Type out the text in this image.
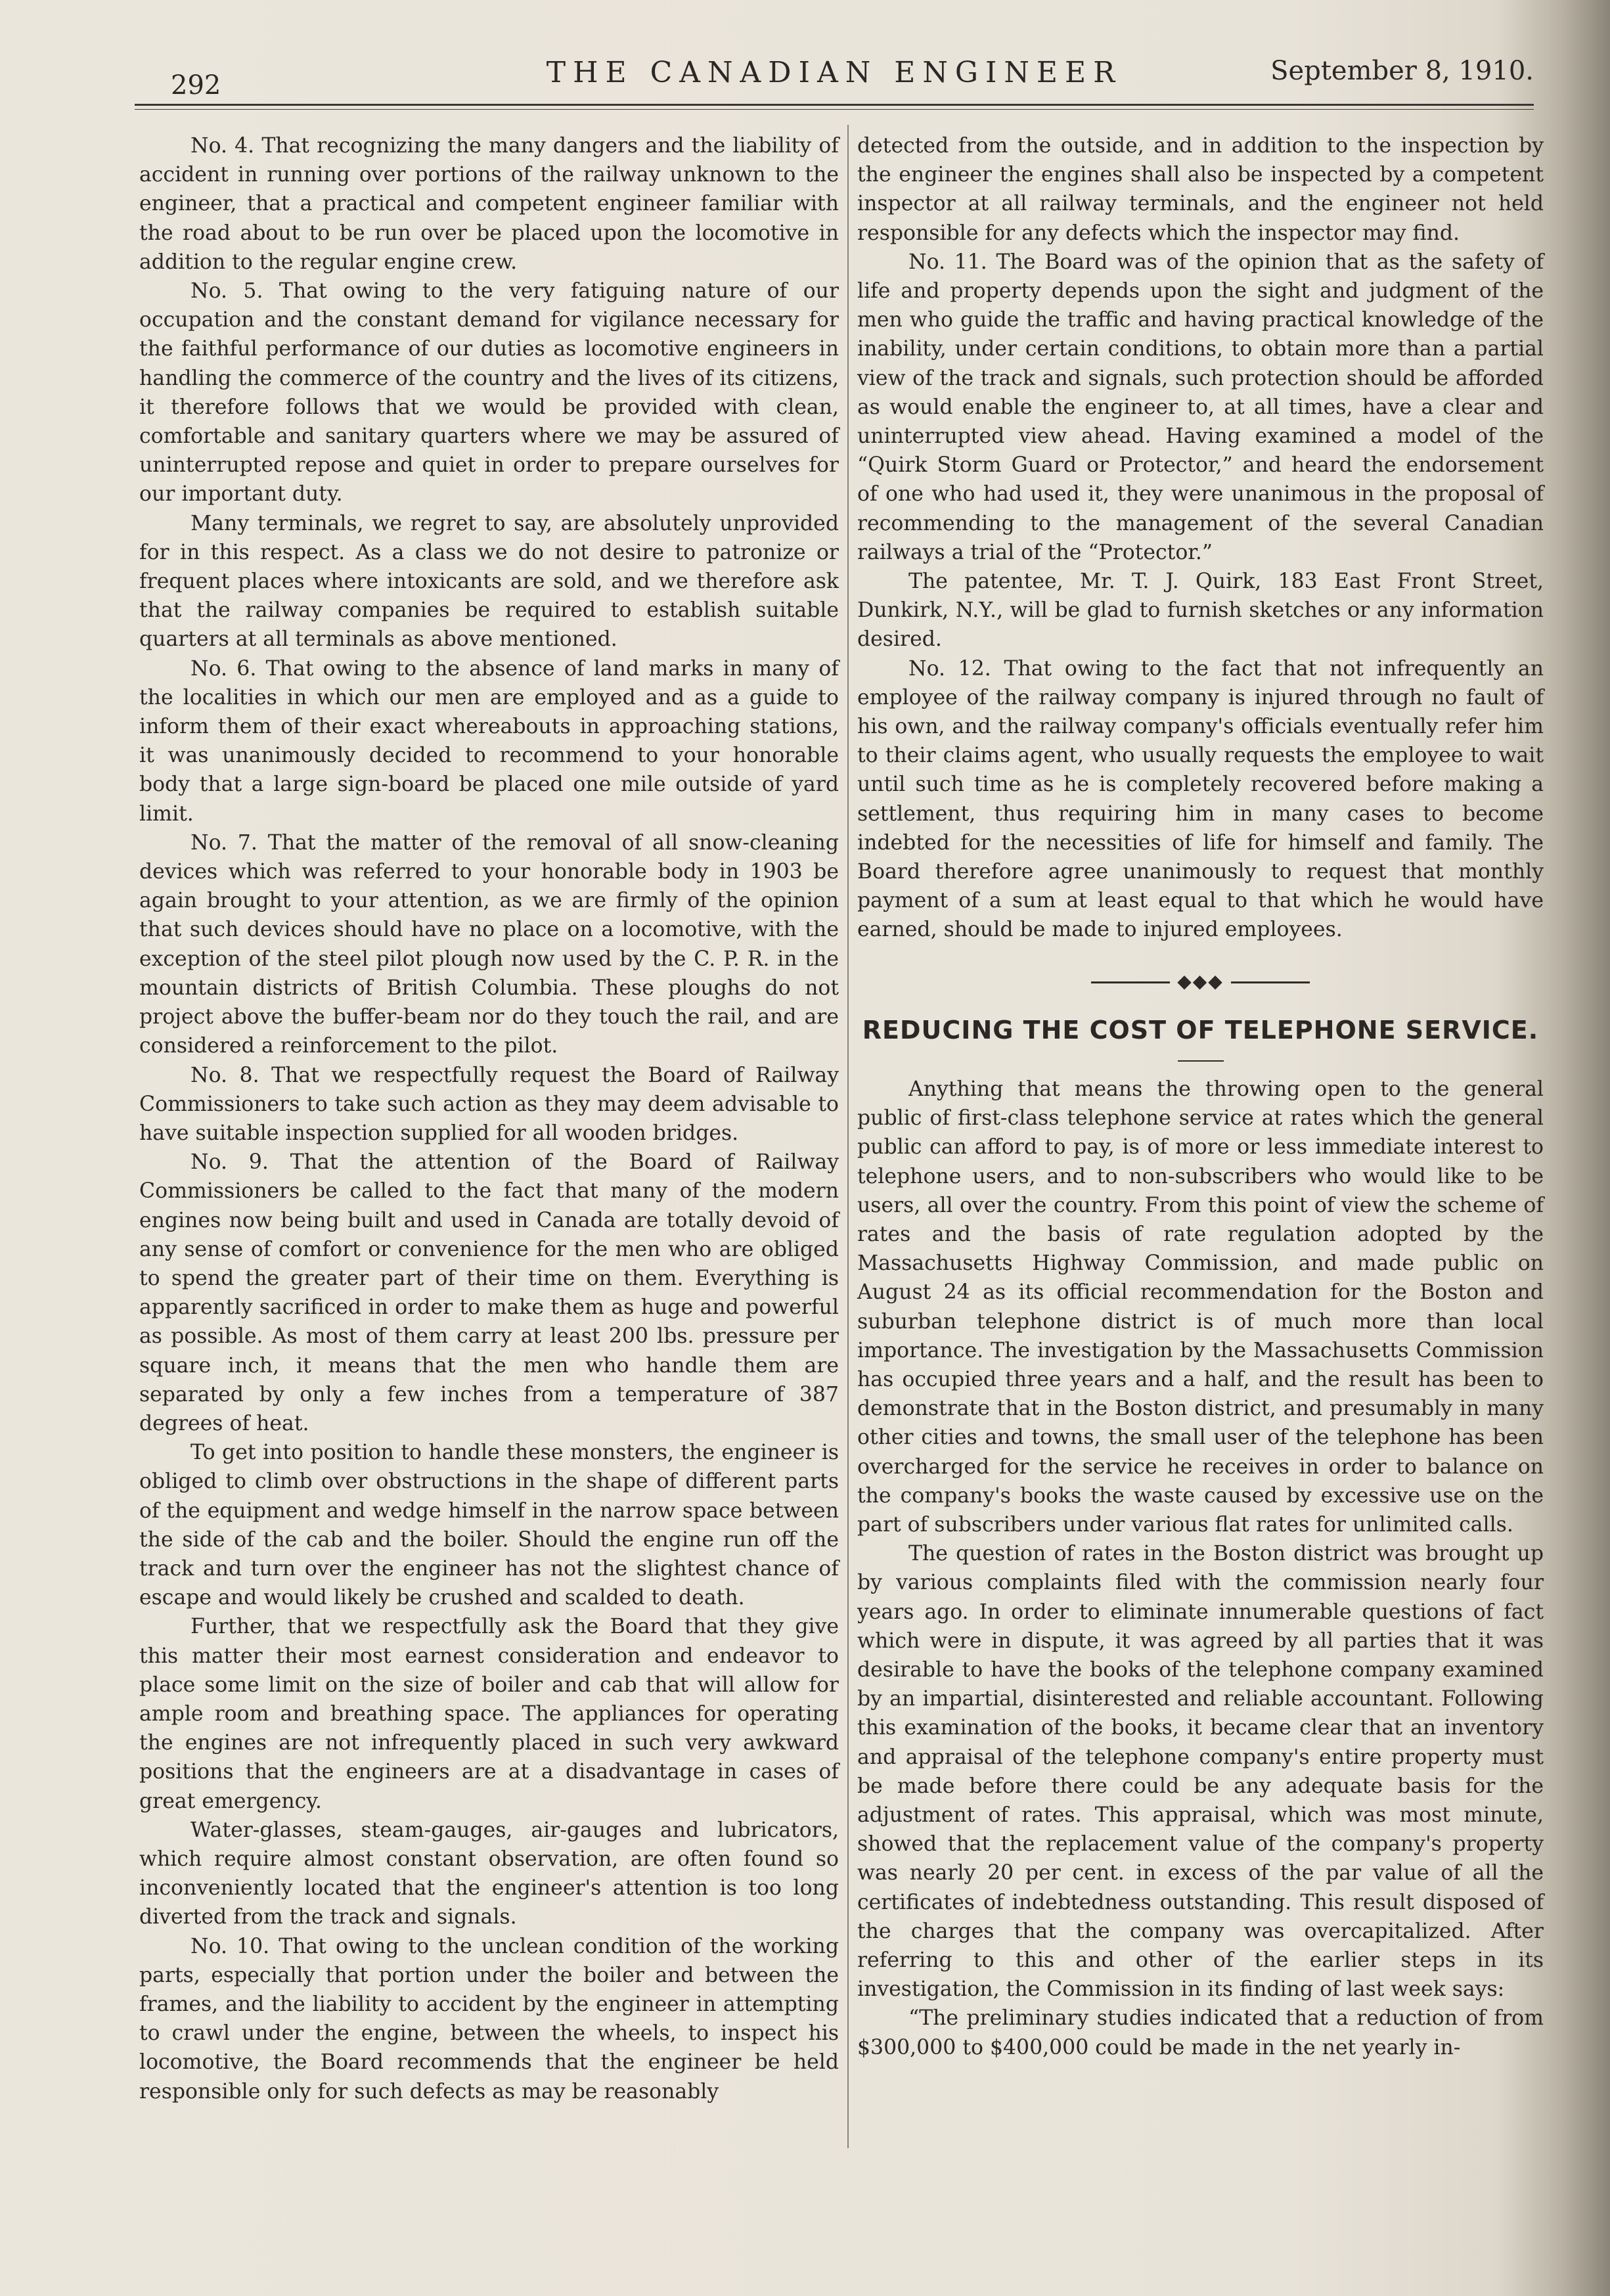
292	THE CANADIAN ENGINEER	September 8, 1910.

No. 4. That recognizing the many dangers and the liability of accident in running over portions of the railway unknown to the engineer, that a practical and competent engineer familiar with the road about to be run over be placed upon the locomotive in addition to the regular engine crew.

No. 5. That owing to the very fatiguing nature of our occupation and the constant demand for vigilance necessary for the faithful performance of our duties as locomotive engineers in handling the commerce of the country and the lives of its citizens, it therefore follows that we would be provided with clean, comfortable and sanitary quarters where we may be assured of uninterrupted repose and quiet in order to prepare ourselves for our important duty.

Many terminals, we regret to say, are absolutely unprovided for in this respect. As a class we do not desire to patronize or frequent places where intoxicants are sold, and we therefore ask that the railway companies be required to establish suitable quarters at all terminals as above mentioned.

No. 6. That owing to the absence of land marks in many of the localities in which our men are employed and as a guide to inform them of their exact whereabouts in approaching stations, it was unanimously decided to recommend to your honorable body that a large sign-board be placed one mile outside of yard limit.

No. 7. That the matter of the removal of all snow-cleaning devices which was referred to your honorable body in 1903 be again brought to your attention, as we are firmly of the opinion that such devices should have no place on a locomotive, with the exception of the steel pilot plough now used by the C. P. R. in the mountain districts of British Columbia. These ploughs do not project above the buffer-beam nor do they touch the rail, and are considered a reinforcement to the pilot.

No. 8. That we respectfully request the Board of Railway Commissioners to take such action as they may deem advisable to have suitable inspection supplied for all wooden bridges.

No. 9. That the attention of the Board of Railway Commissioners be called to the fact that many of the modern engines now being built and used in Canada are totally devoid of any sense of comfort or convenience for the men who are obliged to spend the greater part of their time on them. Everything is apparently sacrificed in order to make them as huge and powerful as possible. As most of them carry at least 200 lbs. pressure per square inch, it means that the men who handle them are separated by only a few inches from a temperature of 387 degrees of heat.

To get into position to handle these monsters, the engineer is obliged to climb over obstructions in the shape of different parts of the equipment and wedge himself in the narrow space between the side of the cab and the boiler. Should the engine run off the track and turn over the engineer has not the slightest chance of escape and would likely be crushed and scalded to death.

Further, that we respectfully ask the Board that they give this matter their most earnest consideration and endeavor to place some limit on the size of boiler and cab that will allow for ample room and breathing space. The appliances for operating the engines are not infrequently placed in such very awkward positions that the engineers are at a disadvantage in cases of great emergency.

Water-glasses, steam-gauges, air-gauges and lubricators, which require almost constant observation, are often found so inconveniently located that the engineer's attention is too long diverted from the track and signals.

No. 10. That owing to the unclean condition of the working parts, especially that portion under the boiler and between the frames, and the liability to accident by the engineer in attempting to crawl under the engine, between the wheels, to inspect his locomotive, the Board recommends that the engineer be held responsible only for such defects as may be reasonably

detected from the outside, and in addition to the inspection by the engineer the engines shall also be inspected by a competent inspector at all railway terminals, and the engineer not held responsible for any defects which the inspector may find.

No. 11. The Board was of the opinion that as the safety of life and property depends upon the sight and judgment of the men who guide the traffic and having practical knowledge of the inability, under certain conditions, to obtain more than a partial view of the track and signals, such protection should be afforded as would enable the engineer to, at all times, have a clear and uninterrupted view ahead. Having examined a model of the “Quirk Storm Guard or Protector,” and heard the endorsement of one who had used it, they were unanimous in the proposal of recommending to the management of the several Canadian railways a trial of the “Protector.”

The patentee, Mr. T. J. Quirk, 183 East Front Street, Dunkirk, N.Y., will be glad to furnish sketches or any information desired.

No. 12. That owing to the fact that not infrequently an employee of the railway company is injured through no fault of his own, and the railway company's officials eventually refer him to their claims agent, who usually requests the employee to wait until such time as he is completely recovered before making a settlement, thus requiring him in many cases to become indebted for the necessities of life for himself and family. The Board therefore agree unanimously to request that monthly payment of a sum at least equal to that which he would have earned, should be made to injured employees.

◆◆◆
REDUCING THE COST OF TELEPHONE SERVICE.

Anything that means the throwing open to the general public of first-class telephone service at rates which the general public can afford to pay, is of more or less immediate interest to telephone users, and to non-subscribers who would like to be users, all over the country. From this point of view the scheme of rates and the basis of rate regulation adopted by the Massachusetts Highway Commission, and made public on August 24 as its official recommendation for the Boston and suburban telephone district is of much more than local importance. The investigation by the Massachusetts Commission has occupied three years and a half, and the result has been to demonstrate that in the Boston district, and presumably in many other cities and towns, the small user of the telephone has been overcharged for the service he receives in order to balance on the company's books the waste caused by excessive use on the part of subscribers under various flat rates for unlimited calls.

The question of rates in the Boston district was brought up by various complaints filed with the commission nearly four years ago. In order to eliminate innumerable questions of fact which were in dispute, it was agreed by all parties that it was desirable to have the books of the telephone company examined by an impartial, disinterested and reliable accountant. Following this examination of the books, it became clear that an inventory and appraisal of the telephone company's entire property must be made before there could be any adequate basis for the adjustment of rates. This appraisal, which was most minute, showed that the replacement value of the company's property was nearly 20 per cent. in excess of the par value of all the certificates of indebtedness outstanding. This result disposed of the charges that the company was overcapitalized. After referring to this and other of the earlier steps in its investigation, the Commission in its finding of last week says:

“The preliminary studies indicated that a reduction of from $300,000 to $400,000 could be made in the net yearly in-
